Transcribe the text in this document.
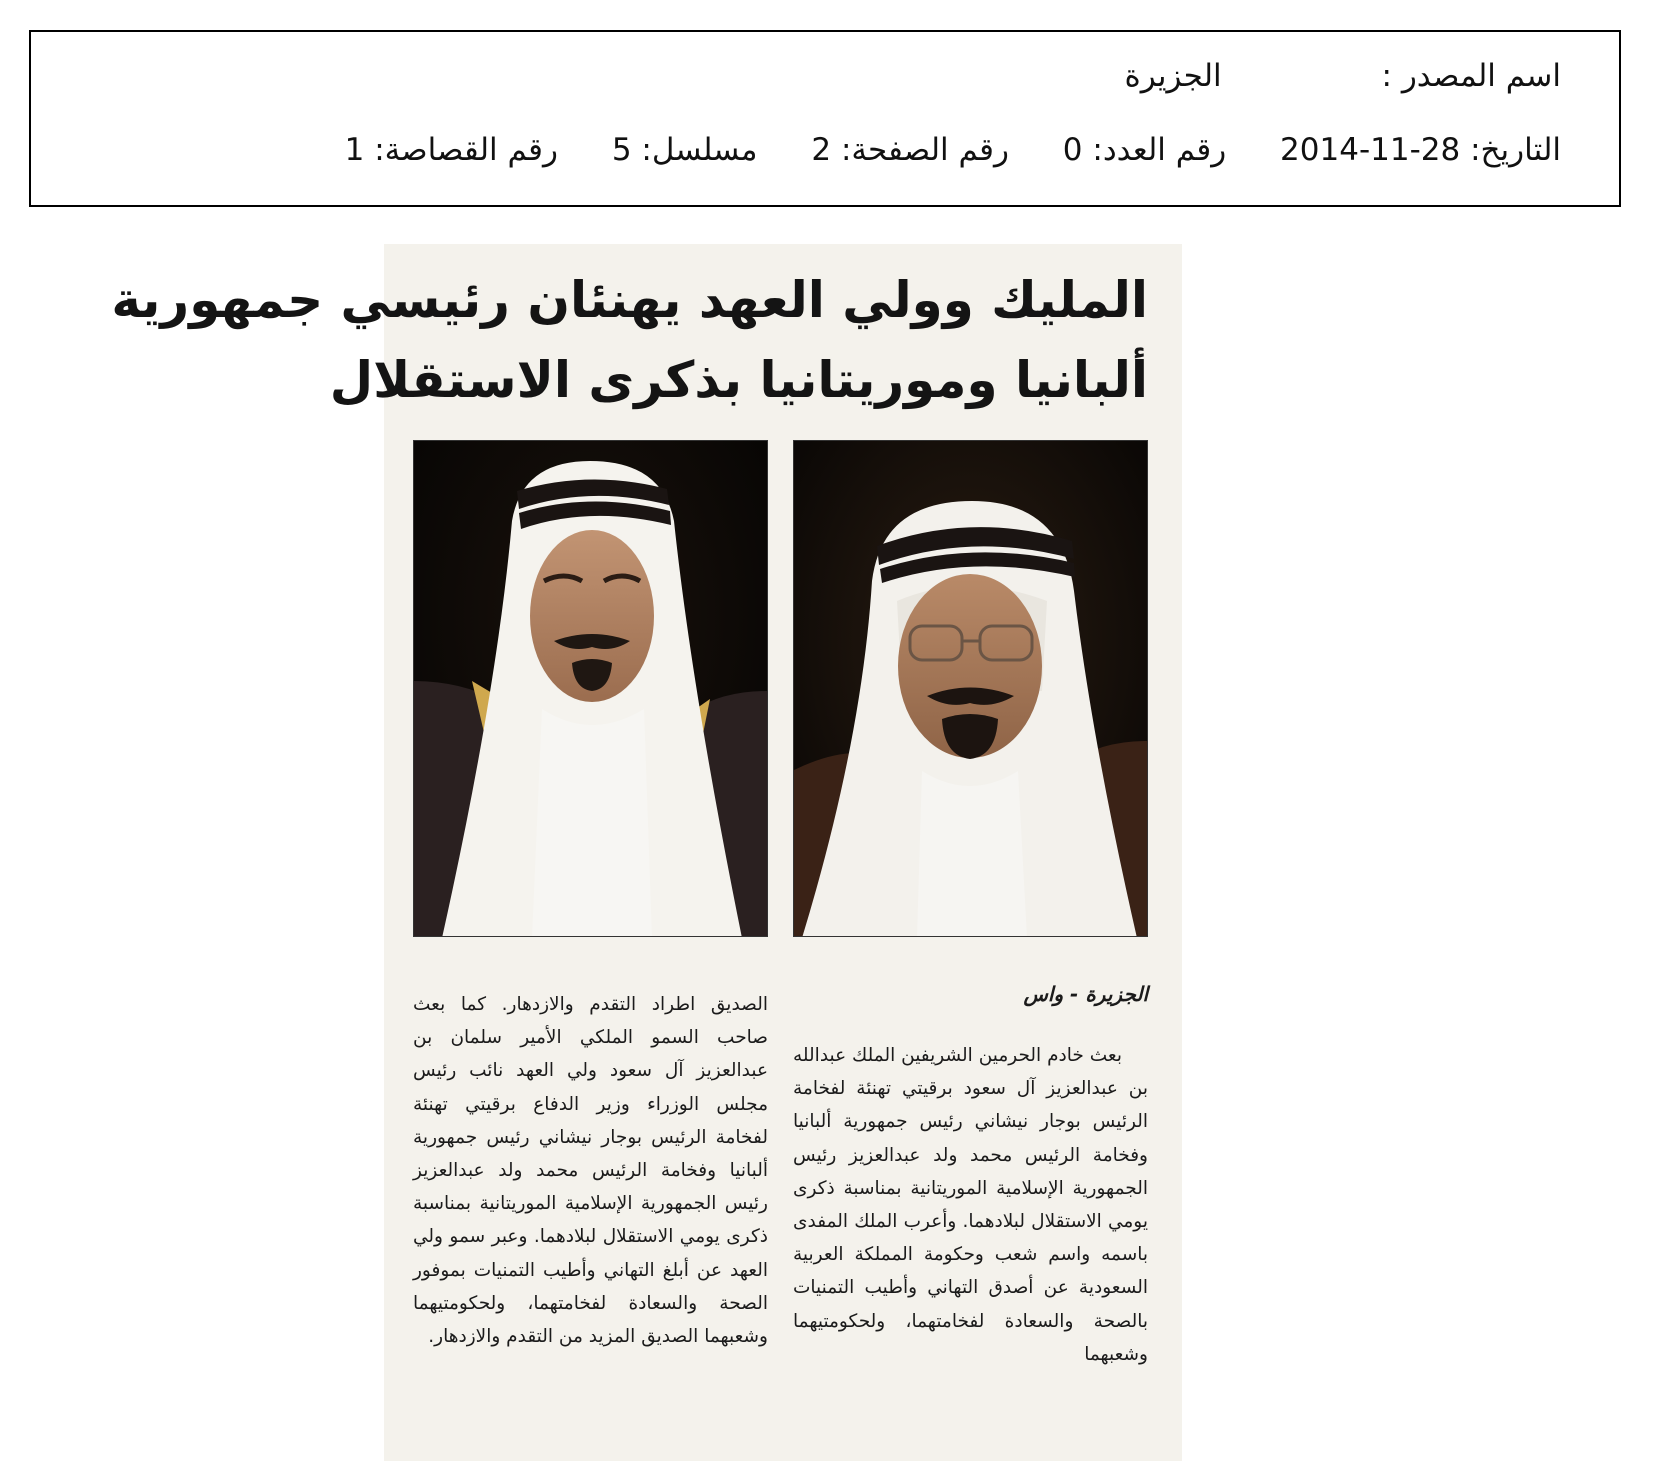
اسم المصدر : الجزيرة
التاريخ: 28-11-2014 رقم العدد: 0 رقم الصفحة: 2 مسلسل: 5 رقم القصاصة: 1
المليك وولي العهد يهنئان رئيسي جمهورية
ألبانيا وموريتانيا بذكرى الاستقلال
الجزيرة - واس

بعث خادم الحرمين الشريفين الملك عبدالله بن عبدالعزيز آل سعود برقيتي تهنئة لفخامة الرئيس بوجار نيشاني رئيس جمهورية ألبانيا وفخامة الرئيس محمد ولد عبدالعزيز رئيس الجمهورية الإسلامية الموريتانية بمناسبة ذكرى يومي الاستقلال لبلادهما. وأعرب الملك المفدى باسمه واسم شعب وحكومة المملكة العربية السعودية عن أصدق التهاني وأطيب التمنيات بالصحة والسعادة لفخامتهما، ولحكومتيهما وشعبهما

الصديق اطراد التقدم والازدهار. كما بعث صاحب السمو الملكي الأمير سلمان بن عبدالعزيز آل سعود ولي العهد نائب رئيس مجلس الوزراء وزير الدفاع برقيتي تهنئة لفخامة الرئيس بوجار نيشاني رئيس جمهورية ألبانيا وفخامة الرئيس محمد ولد عبدالعزيز رئيس الجمهورية الإسلامية الموريتانية بمناسبة ذكرى يومي الاستقلال لبلادهما. وعبر سمو ولي العهد عن أبلغ التهاني وأطيب التمنيات بموفور الصحة والسعادة لفخامتهما، ولحكومتيهما وشعبهما الصديق المزيد من التقدم والازدهار.
